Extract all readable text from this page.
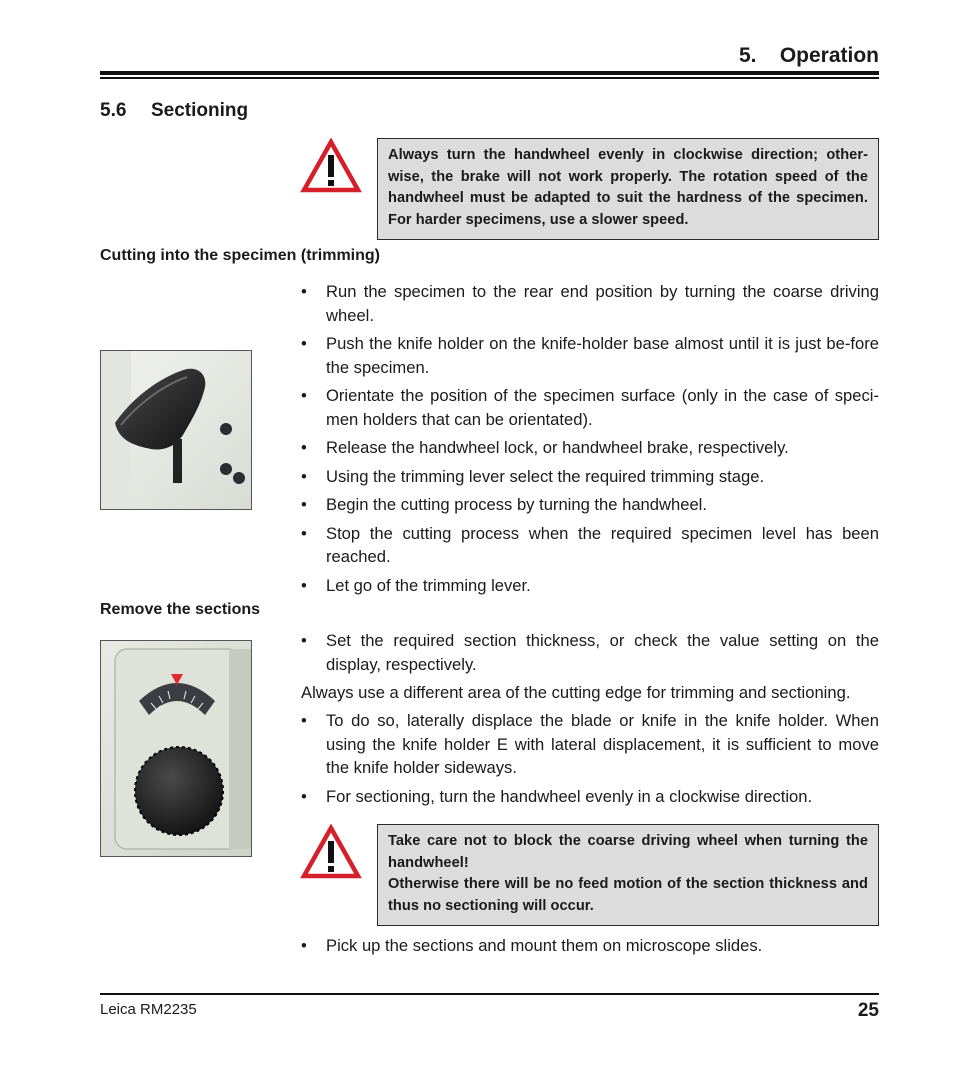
5.    Operation
5.6 Sectioning

Always turn the handwheel evenly in clockwise direction; other-wise, the brake will not work properly. The rotation speed of the handwheel must be adapted to suit the hardness of the specimen. For harder specimens, use a slower speed.

Cutting into the specimen (trimming)
• Run the specimen to the rear end position by turning the coarse driving wheel.
• Push the knife holder on the knife-holder base almost until it is just be-fore the specimen.
• Orientate the position of the specimen surface (only in the case of speci-men holders that can be orientated).
• Release the handwheel lock, or handwheel brake, respectively.
• Using the trimming lever select the required trimming stage.
• Begin the cutting process by turning the handwheel.
• Stop the cutting process when the required specimen level has been reached.
• Let go of the trimming lever.
Remove the sections
0 5
• Set the required section thickness, or check the value setting on the display, respectively.
Always use a different area of the cutting edge for trimming and sectioning.
• To do so, laterally displace the blade or knife in the knife holder. When using the knife holder E with lateral displacement, it is sufficient to move the knife holder sideways.
• For sectioning, turn the handwheel evenly in a clockwise direction.

Take care not to block the coarse driving wheel when turning the handwheel!

Otherwise there will be no feed motion of the section thickness and thus no sectioning will occur.

• Pick up the sections and mount them on microscope slides.
Leica RM2235	25
